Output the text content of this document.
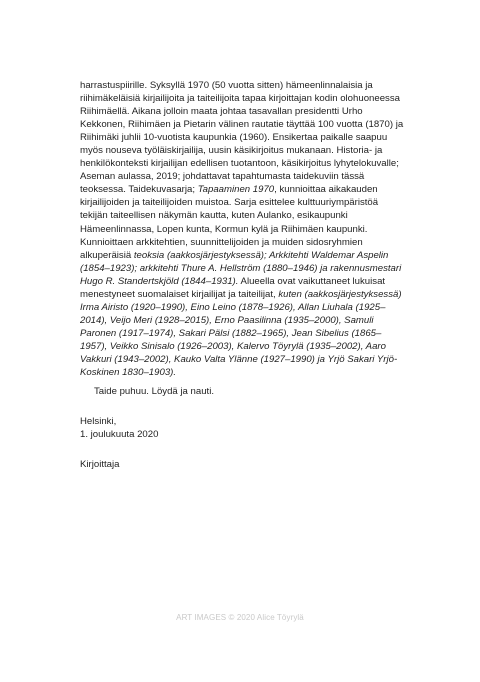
harrastuspiirille. Syksyllä 1970 (50 vuotta sitten) hämeenlinnalaisia ja riihimäkeläisiä kirjailijoita ja taiteilijoita tapaa kirjoittajan kodin olohuoneessa Riihimäellä. Aikana jolloin maata johtaa tasavallan presidentti Urho Kekkonen, Riihimäen ja Pietarin välinen rautatie täyttää 100 vuotta (1870) ja Riihimäki juhlii 10-vuotista kaupunkia (1960). Ensikertaa paikalle saapuu myös nouseva työläiskirjailija, uusin käsikirjoitus mukanaan. Historia- ja henkilökonteksti kirjailijan edellisen tuotantoon, käsikirjoitus lyhytelokuvalle; Aseman aulassa, 2019; johdattavat tapahtumasta taidekuviin tässä teoksessa. Taidekuvasarja; Tapaaminen 1970, kunnioittaa aikakauden kirjailijoiden ja taiteilijoiden muistoa. Sarja esittelee kulttuuriympäristöä tekijän taiteellisen näkymän kautta, kuten Aulanko, esikaupunki Hämeenlinnassa, Lopen kunta, Kormun kylä ja Riihimäen kaupunki. Kunnioittaen arkkitehtien, suunnittelijoiden ja muiden sidosryhmien alkuperäisiä teoksia (aakkosjärjestyksessä); Arkkitehti Waldemar Aspelin (1854–1923); arkkitehti Thure A. Hellström (1880–1946) ja rakennusmestari Hugo R. Standertskjöld (1844–1931). Alueella ovat vaikuttaneet lukuisat menestyneet suomalaiset kirjailijat ja taiteilijat, kuten (aakkosjärjestyksessä) Irma Airisto (1920–1990), Eino Leino (1878–1926), Allan Liuhala (1925–2014), Veijo Meri (1928–2015), Erno Paasilinna (1935–2000), Samuli Paronen (1917–1974), Sakari Pälsi (1882–1965), Jean Sibelius (1865–1957), Veikko Sinisalo (1926–2003), Kalervo Töyrylä (1935–2002), Aaro Vakkuri (1943–2002), Kauko Valta Ylänne (1927–1990) ja Yrjö Sakari Yrjö-Koskinen 1830–1903).
Taide puhuu. Löydä ja nauti.
Helsinki,
1. joulukuuta 2020
Kirjoittaja
ART IMAGES © 2020 Alice Töyrylä
